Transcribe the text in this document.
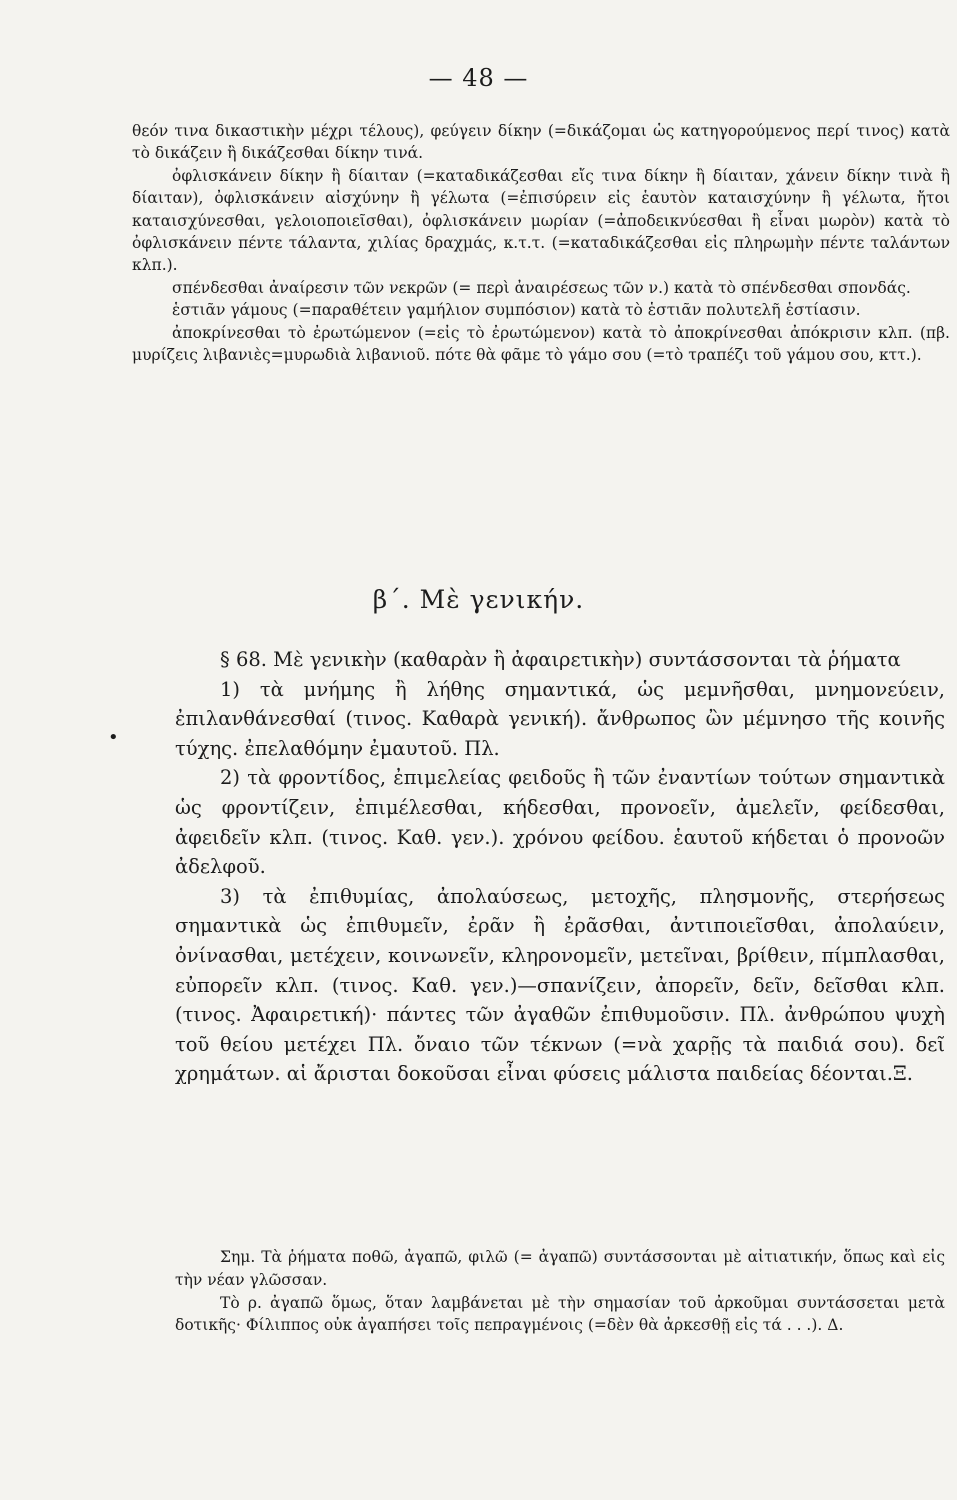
— 48 —

θεόν τινα δικαστικὴν μέχρι τέλους), φεύγειν δίκην (=δικάζομαι ὡς κατηγορούμενος περί τινος) κατὰ τὸ δικάζειν ἢ δικάζεσθαι δίκην τινά.

ὀφλισκάνειν δίκην ἢ δίαιταν (=καταδικάζεσθαι εἴς τινα δίκην ἢ δίαιταν, χάνειν δίκην τινὰ ἢ δίαιταν), ὀφλισκάνειν αἰσχύνην ἢ γέλωτα (=ἐπισύρειν εἰς ἑαυτὸν καταισχύνην ἢ γέλωτα, ἤτοι καταισχύνεσθαι, γελοιοποιεῖσθαι), ὀφλισκάνειν μωρίαν (=ἀποδεικνύεσθαι ἢ εἶναι μωρὸν) κατὰ τὸ ὀφλισκάνειν πέντε τάλαντα, χιλίας δραχμάς, κ.τ.τ. (=καταδικάζεσθαι εἰς πληρωμὴν πέντε ταλάντων κλπ.).

σπένδεσθαι ἀναίρεσιν τῶν νεκρῶν (= περὶ ἀναιρέσεως τῶν ν.) κατὰ τὸ σπένδεσθαι σπονδάς.

ἑστιᾶν γάμους (=παραθέτειν γαμήλιον συμπόσιον) κατὰ τὸ ἑστιᾶν πολυτελῆ ἑστίασιν.

ἀποκρίνεσθαι τὸ ἐρωτώμενον (=εἰς τὸ ἐρωτώμενον) κατὰ τὸ ἀποκρίνεσθαι ἀπόκρισιν κλπ. (πβ. μυρίζεις λιβανιὲς=μυρωδιὰ λιβανιοῦ. πότε θὰ φᾶμε τὸ γάμο σου (=τὸ τραπέζι τοῦ γάμου σου, κττ.).

β΄. Μὲ γενικήν.
•

§ 68. Μὲ γενικὴν (καθαρὰν ἢ ἀφαιρετικὴν) συντάσσονται τὰ ῥήματα

1) τὰ μνήμης ἢ λήθης σημαντικά, ὡς μεμνῆσθαι, μνημονεύειν, ἐπιλανθάνεσθαί (τινος. Καθαρὰ γενική). ἄνθρωπος ὢν μέμνησο τῆς κοινῆς τύχης. ἐπελαθόμην ἐμαυτοῦ. Πλ.

2) τὰ φροντίδος, ἐπιμελείας φειδοῦς ἢ τῶν ἐναντίων τούτων σημαντικὰ ὡς φροντίζειν, ἐπιμέλεσθαι, κήδεσθαι, προνοεῖν, ἀμελεῖν, φείδεσθαι, ἀφειδεῖν κλπ. (τινος. Καθ. γεν.). χρόνου φείδου. ἑαυτοῦ κήδεται ὁ προνοῶν ἀδελφοῦ.

3) τὰ ἐπιθυμίας, ἀπολαύσεως, μετοχῆς, πλησμονῆς, στερήσεως σημαντικὰ ὡς ἐπιθυμεῖν, ἐρᾶν ἢ ἐρᾶσθαι, ἀντιποιεῖσθαι, ἀπολαύειν, ὀνίνασθαι, μετέχειν, κοινωνεῖν, κληρονομεῖν, μετεῖναι, βρίθειν, πίμπλασθαι, εὐπορεῖν κλπ. (τινος. Καθ. γεν.)—σπανίζειν, ἀπορεῖν, δεῖν, δεῖσθαι κλπ. (τινος. Ἀφαιρετική)· πάντες τῶν ἀγαθῶν ἐπιθυμοῦσιν. Πλ. ἀνθρώπου ψυχὴ τοῦ θείου μετέχει Πλ. ὄναιο τῶν τέκνων (=νὰ χαρῇς τὰ παιδιά σου). δεῖ χρημάτων. αἱ ἄρισται δοκοῦσαι εἶναι φύσεις μάλιστα παιδείας δέονται.Ξ.

Σημ. Τὰ ῥήματα ποθῶ, ἀγαπῶ, φιλῶ (= ἀγαπῶ) συντάσσονται μὲ αἰτιατικήν, ὅπως καὶ εἰς τὴν νέαν γλῶσσαν.

Τὸ ρ. ἀγαπῶ ὅμως, ὅταν λαμβάνεται μὲ τὴν σημασίαν τοῦ ἀρκοῦμαι συντάσσεται μετὰ δοτικῆς· Φίλιππος οὐκ ἀγαπήσει τοῖς πεπραγμένοις (=δὲν θὰ ἀρκεσθῇ εἰς τά . . .). Δ.
